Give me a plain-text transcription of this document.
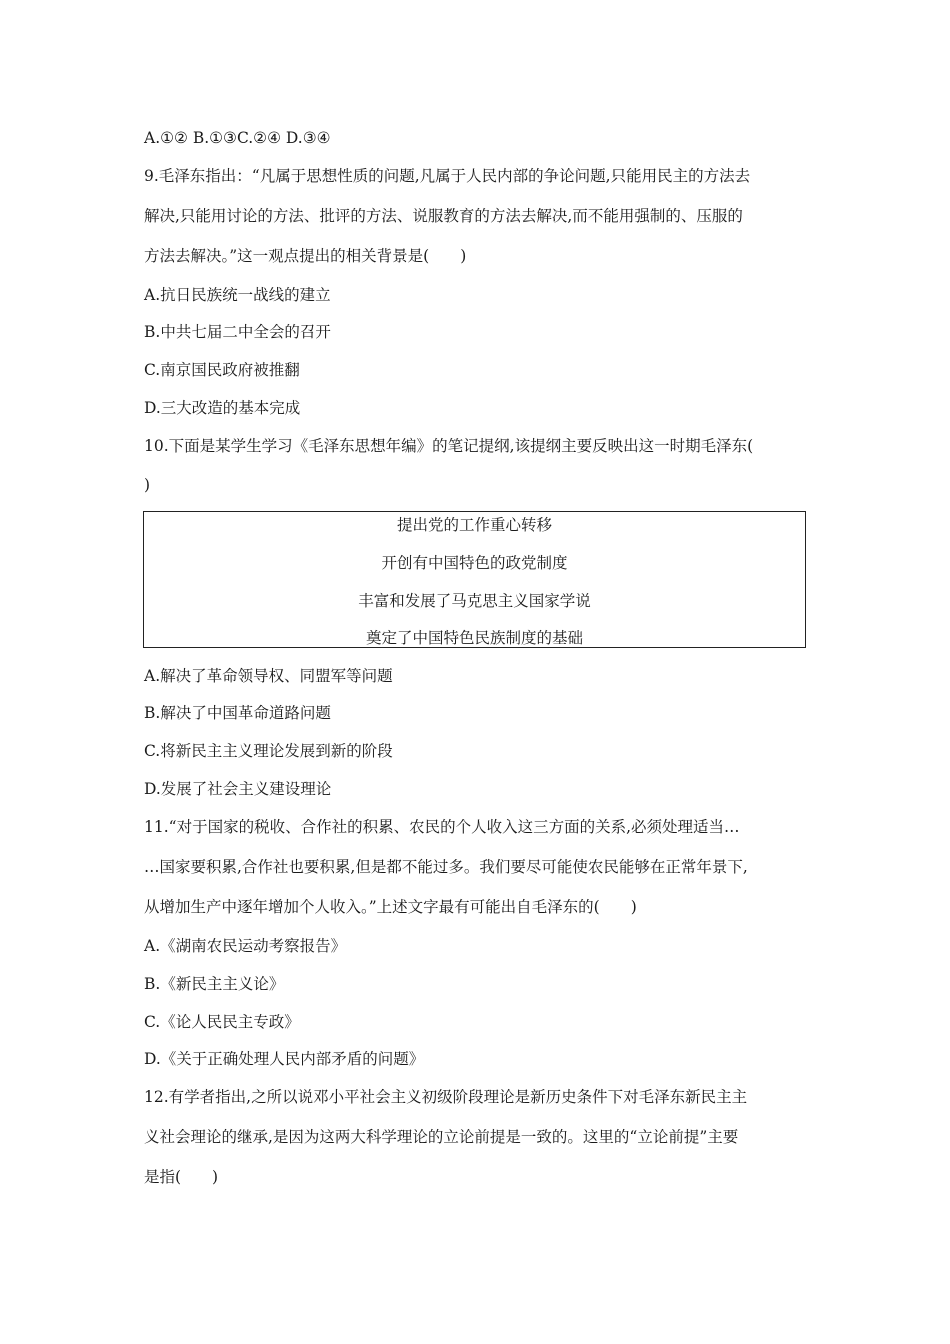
A.①② B.①③C.②④ D.③④
9.毛泽东指出：“凡属于思想性质的问题,凡属于人民内部的争论问题,只能用民主的方法去
解决,只能用讨论的方法、批评的方法、说服教育的方法去解决,而不能用强制的、压服的
方法去解决。”这一观点提出的相关背景是(　　)
A.抗日民族统一战线的建立
B.中共七届二中全会的召开
C.南京国民政府被推翻
D.三大改造的基本完成
10.下面是某学生学习《毛泽东思想年编》的笔记提纲,该提纲主要反映出这一时期毛泽东(
)
提出党的工作重心转移
开创有中国特色的政党制度
丰富和发展了马克思主义国家学说
奠定了中国特色民族制度的基础
A.解决了革命领导权、同盟军等问题
B.解决了中国革命道路问题
C.将新民主主义理论发展到新的阶段
D.发展了社会主义建设理论
11.“对于国家的税收、合作社的积累、农民的个人收入这三方面的关系,必须处理适当…
…国家要积累,合作社也要积累,但是都不能过多。我们要尽可能使农民能够在正常年景下,
从增加生产中逐年增加个人收入。”上述文字最有可能出自毛泽东的(　　)
A.《湖南农民运动考察报告》
B.《新民主主义论》
C.《论人民民主专政》
D.《关于正确处理人民内部矛盾的问题》
12.有学者指出,之所以说邓小平社会主义初级阶段理论是新历史条件下对毛泽东新民主主
义社会理论的继承,是因为这两大科学理论的立论前提是一致的。这里的“立论前提”主要
是指(　　)
